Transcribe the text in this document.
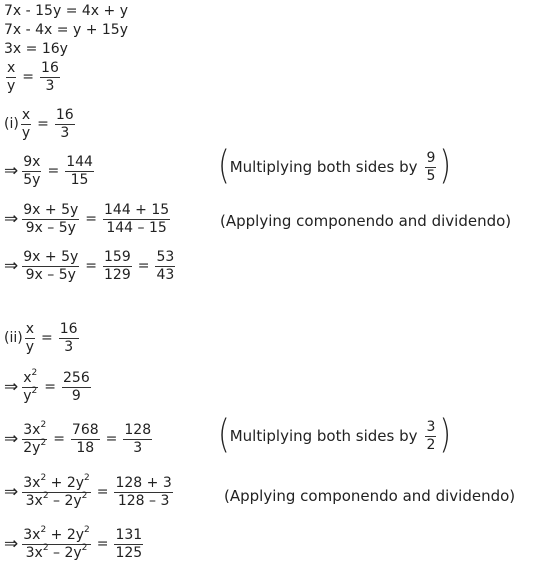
7x - 15y = 4x + y
7x - 4x = y + 15y
3x = 16y
$\frac{x}{y} = \frac{16}{3}$
$(i) \frac{x}{y} = \frac{16}{3}$
⇒ $\frac{9x}{5y} = \frac{144}{15}$	( Multiplying both sides by $\frac{9}{5}$ )
⇒ $\frac{9x + 5y}{9x - 5y} = \frac{144 + 15}{144 - 15}$	(Applying componendo and dividendo)
⇒ $\frac{9x + 5y}{9x - 5y} = \frac{159}{129} = \frac{53}{43}$
$(ii) \frac{x}{y} = \frac{16}{3}$
⇒ $\frac{x^2}{y^2} = \frac{256}{9}$
⇒ $\frac{3x^2}{2y^2} = \frac{768}{18} = \frac{128}{3}$ ( Multiplying both sides by $\frac{3}{2}$ )
⇒ $\frac{3x^2 + 2y^2}{3x^2 - 2y^2} = \frac{128 + 3}{128 - 3}$	(Applying componendo and dividendo)
⇒ $\frac{3x^2 + 2y^2}{3x^2 - 2y^2} = \frac{131}{125}$
